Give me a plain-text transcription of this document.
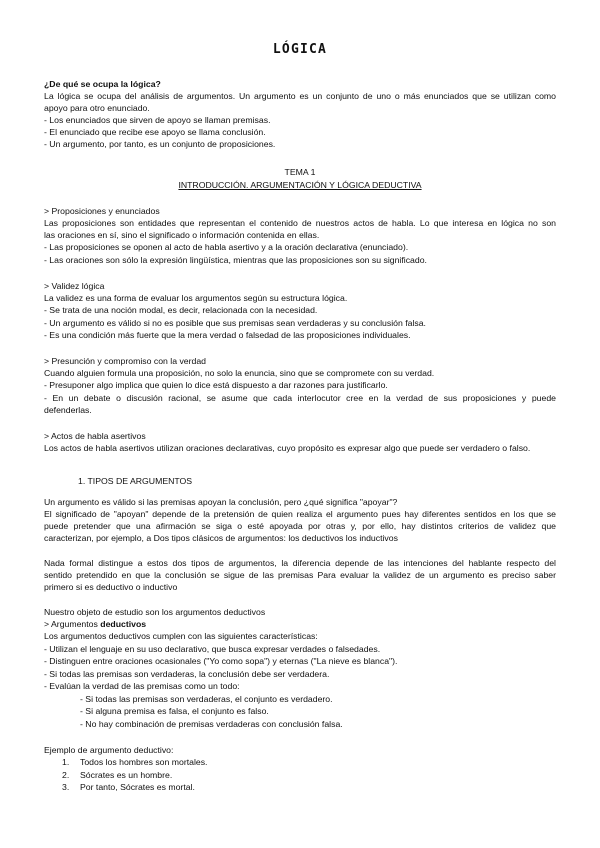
LÓGICA
¿De qué se ocupa la lógica?
La lógica se ocupa del análisis de argumentos. Un argumento es un conjunto de uno o más enunciados que se utilizan como
apoyo para otro enunciado.
- Los enunciados que sirven de apoyo se llaman premisas.
- El enunciado que recibe ese apoyo se llama conclusión.
- Un argumento, por tanto, es un conjunto de proposiciones.
TEMA 1
INTRODUCCIÓN. ARGUMENTACIÓN Y LÓGICA DEDUCTIVA
> Proposiciones y enunciados
Las proposiciones son entidades que representan el contenido de nuestros actos de habla. Lo que interesa en lógica no son
las oraciones en sí, sino el significado o información contenida en ellas.
- Las proposiciones se oponen al acto de habla asertivo y a la oración declarativa (enunciado).
- Las oraciones son sólo la expresión lingüística, mientras que las proposiciones son su significado.
> Validez lógica
La validez es una forma de evaluar los argumentos según su estructura lógica.
- Se trata de una noción modal, es decir, relacionada con la necesidad.
- Un argumento es válido si no es posible que sus premisas sean verdaderas y su conclusión falsa.
- Es una condición más fuerte que la mera verdad o falsedad de las proposiciones individuales.
> Presunción y compromiso con la verdad
Cuando alguien formula una proposición, no solo la enuncia, sino que se compromete con su verdad.
- Presuponer algo implica que quien lo dice está dispuesto a dar razones para justificarlo.
- En un debate o discusión racional, se asume que cada interlocutor cree en la verdad de sus proposiciones y puede
defenderlas.
> Actos de habla asertivos
Los actos de habla asertivos utilizan oraciones declarativas, cuyo propósito es expresar algo que puede ser verdadero o falso.
1. TIPOS DE ARGUMENTOS
Un argumento es válido si las premisas apoyan la conclusión, pero ¿qué significa "apoyar"?
El significado de "apoyan" depende de la pretensión de quien realiza el argumento pues hay diferentes sentidos en los que se
puede pretender que una afirmación se siga o esté apoyada por otras y, por ello, hay distintos criterios de validez que
caracterizan, por ejemplo, a Dos tipos clásicos de argumentos: los deductivos los inductivos
Nada formal distingue a estos dos tipos de argumentos, la diferencia depende de las intenciones del hablante respecto del
sentido pretendido en que la conclusión se sigue de las premisas Para evaluar la validez de un argumento es preciso saber
primero si es deductivo o inductivo
Nuestro objeto de estudio son los argumentos deductivos
> Argumentos deductivos
Los argumentos deductivos cumplen con las siguientes características:
- Utilizan el lenguaje en su uso declarativo, que busca expresar verdades o falsedades.
- Distinguen entre oraciones ocasionales ("Yo como sopa") y eternas ("La nieve es blanca").
- Si todas las premisas son verdaderas, la conclusión debe ser verdadera.
- Evalúan la verdad de las premisas como un todo:
- Si todas las premisas son verdaderas, el conjunto es verdadero.
- Si alguna premisa es falsa, el conjunto es falso.
- No hay combinación de premisas verdaderas con conclusión falsa.
Ejemplo de argumento deductivo:
1. Todos los hombres son mortales.
2. Sócrates es un hombre.
3. Por tanto, Sócrates es mortal.
